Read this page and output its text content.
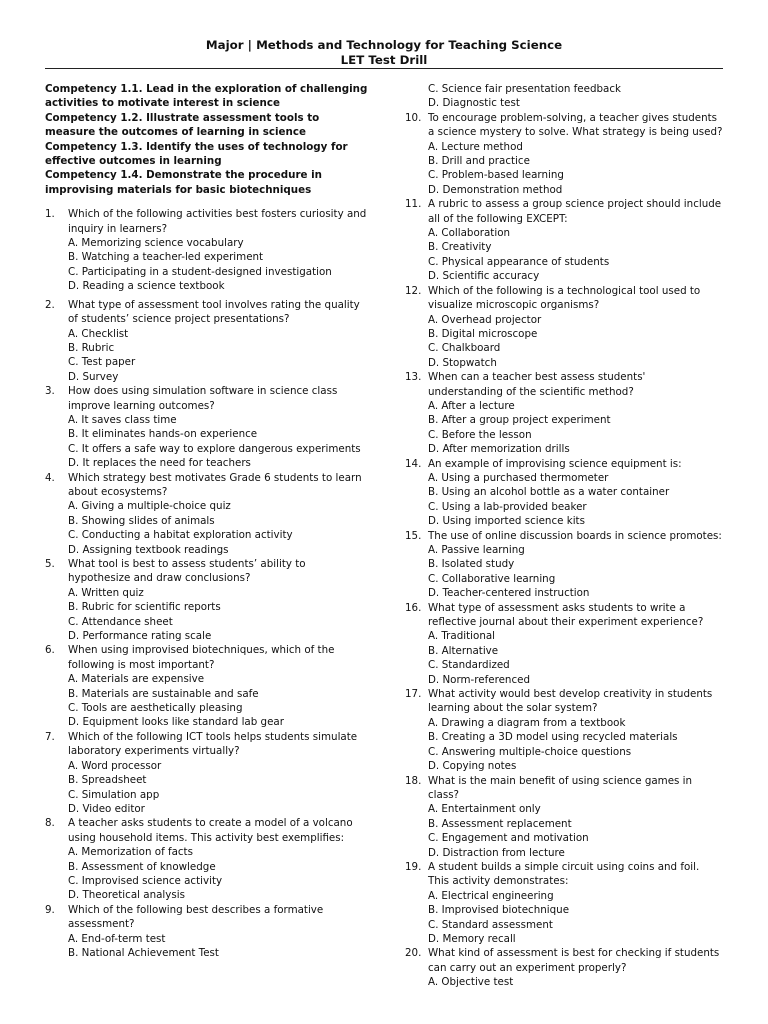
Major | Methods and Technology for Teaching Science
LET Test Drill
Competency 1.1. Lead in the exploration of challenging activities to motivate interest in science
Competency 1.2. Illustrate assessment tools to measure the outcomes of learning in science
Competency 1.3. Identify the uses of technology for effective outcomes in learning
Competency 1.4. Demonstrate the procedure in improvising materials for basic biotechniques
1. Which of the following activities best fosters curiosity and inquiry in learners?
A. Memorizing science vocabulary
B. Watching a teacher-led experiment
C. Participating in a student-designed investigation
D. Reading a science textbook
2. What type of assessment tool involves rating the quality of students’ science project presentations?
A. Checklist
B. Rubric
C. Test paper
D. Survey
3. How does using simulation software in science class improve learning outcomes?
A. It saves class time
B. It eliminates hands-on experience
C. It offers a safe way to explore dangerous experiments
D. It replaces the need for teachers
4. Which strategy best motivates Grade 6 students to learn about ecosystems?
A. Giving a multiple-choice quiz
B. Showing slides of animals
C. Conducting a habitat exploration activity
D. Assigning textbook readings
5. What tool is best to assess students’ ability to hypothesize and draw conclusions?
A. Written quiz
B. Rubric for scientific reports
C. Attendance sheet
D. Performance rating scale
6. When using improvised biotechniques, which of the following is most important?
A. Materials are expensive
B. Materials are sustainable and safe
C. Tools are aesthetically pleasing
D. Equipment looks like standard lab gear
7. Which of the following ICT tools helps students simulate laboratory experiments virtually?
A. Word processor
B. Spreadsheet
C. Simulation app
D. Video editor
8. A teacher asks students to create a model of a volcano using household items. This activity best exemplifies:
A. Memorization of facts
B. Assessment of knowledge
C. Improvised science activity
D. Theoretical analysis
9. Which of the following best describes a formative assessment?
A. End-of-term test
B. National Achievement Test
C. Science fair presentation feedback
D. Diagnostic test
10. To encourage problem-solving, a teacher gives students a science mystery to solve. What strategy is being used?
A. Lecture method
B. Drill and practice
C. Problem-based learning
D. Demonstration method
11. A rubric to assess a group science project should include all of the following EXCEPT:
A. Collaboration
B. Creativity
C. Physical appearance of students
D. Scientific accuracy
12. Which of the following is a technological tool used to visualize microscopic organisms?
A. Overhead projector
B. Digital microscope
C. Chalkboard
D. Stopwatch
13. When can a teacher best assess students' understanding of the scientific method?
A. After a lecture
B. After a group project experiment
C. Before the lesson
D. After memorization drills
14. An example of improvising science equipment is:
A. Using a purchased thermometer
B. Using an alcohol bottle as a water container
C. Using a lab-provided beaker
D. Using imported science kits
15. The use of online discussion boards in science promotes:
A. Passive learning
B. Isolated study
C. Collaborative learning
D. Teacher-centered instruction
16. What type of assessment asks students to write a reflective journal about their experiment experience?
A. Traditional
B. Alternative
C. Standardized
D. Norm-referenced
17. What activity would best develop creativity in students learning about the solar system?
A. Drawing a diagram from a textbook
B. Creating a 3D model using recycled materials
C. Answering multiple-choice questions
D. Copying notes
18. What is the main benefit of using science games in class?
A. Entertainment only
B. Assessment replacement
C. Engagement and motivation
D. Distraction from lecture
19. A student builds a simple circuit using coins and foil. This activity demonstrates:
A. Electrical engineering
B. Improvised biotechnique
C. Standard assessment
D. Memory recall
20. What kind of assessment is best for checking if students can carry out an experiment properly?
A. Objective test
